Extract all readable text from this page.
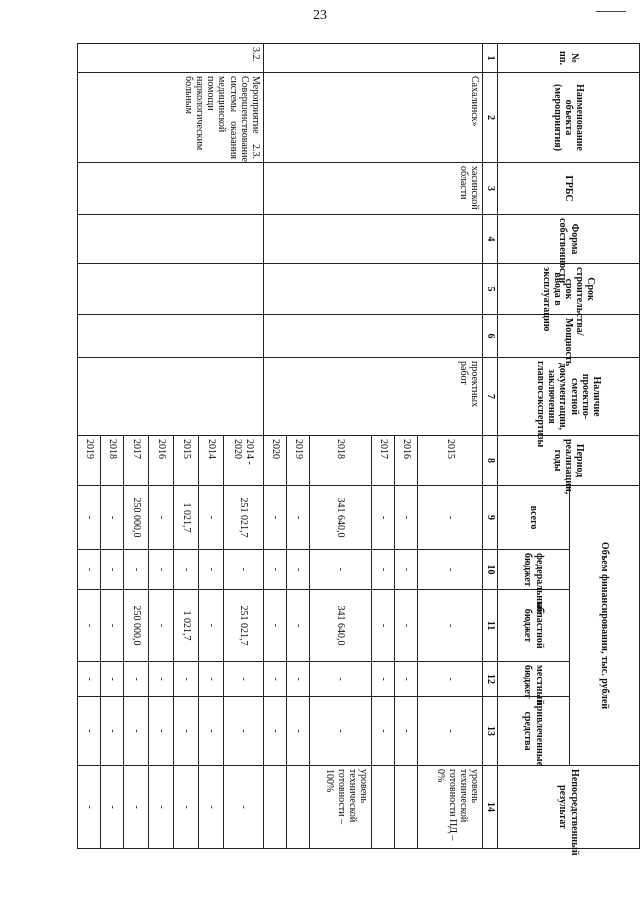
23
№ пп.	Наименование объекта (мероприятия)	ГРБС	Форма собственности	Срок строительства/срок ввода в эксплуатацию	Мощность	Наличие проектно-сметной документации, заключения главгосэкспертизы	Период реализации, годы	Объем финансирования, тыс. рублей					Непосредственный результат
								всего	федеральный бюджет	областной бюджет	местный бюджет	привлеченные средства	
1	2	3	4	5	6	7	8	9	10	11	12	13	14
	Сахалинск»	хасинской области				проектных работ	2015	-	-	-	-	-	уровень технической готовности ПД – 0%
							2016	-	-	-	-	-	
							2017	-	-	-	-	-	
							2018	341 640,0	-	341 640,0	-	-	уровень технической готовности – 100%
							2019	-	-	-	-	-	
							2020	-	-	-	-	-	
3.2.	Мероприятие 2.3. Совершенствование системы оказания медицинской помощи наркологическим больным						2014 - 2020	251 021,7	-	251 021,7	-	-	-
							2014	-	-	-	-	-	-
							2015	1 021,7	-	1 021,7	-	-	-
							2016	-	-	-	-	-	-
							2017	250 000,0	-	250 000,0	-	-	-
							2018	-	-	-	-	-	-
							2019	-	-	-	-	-	-
